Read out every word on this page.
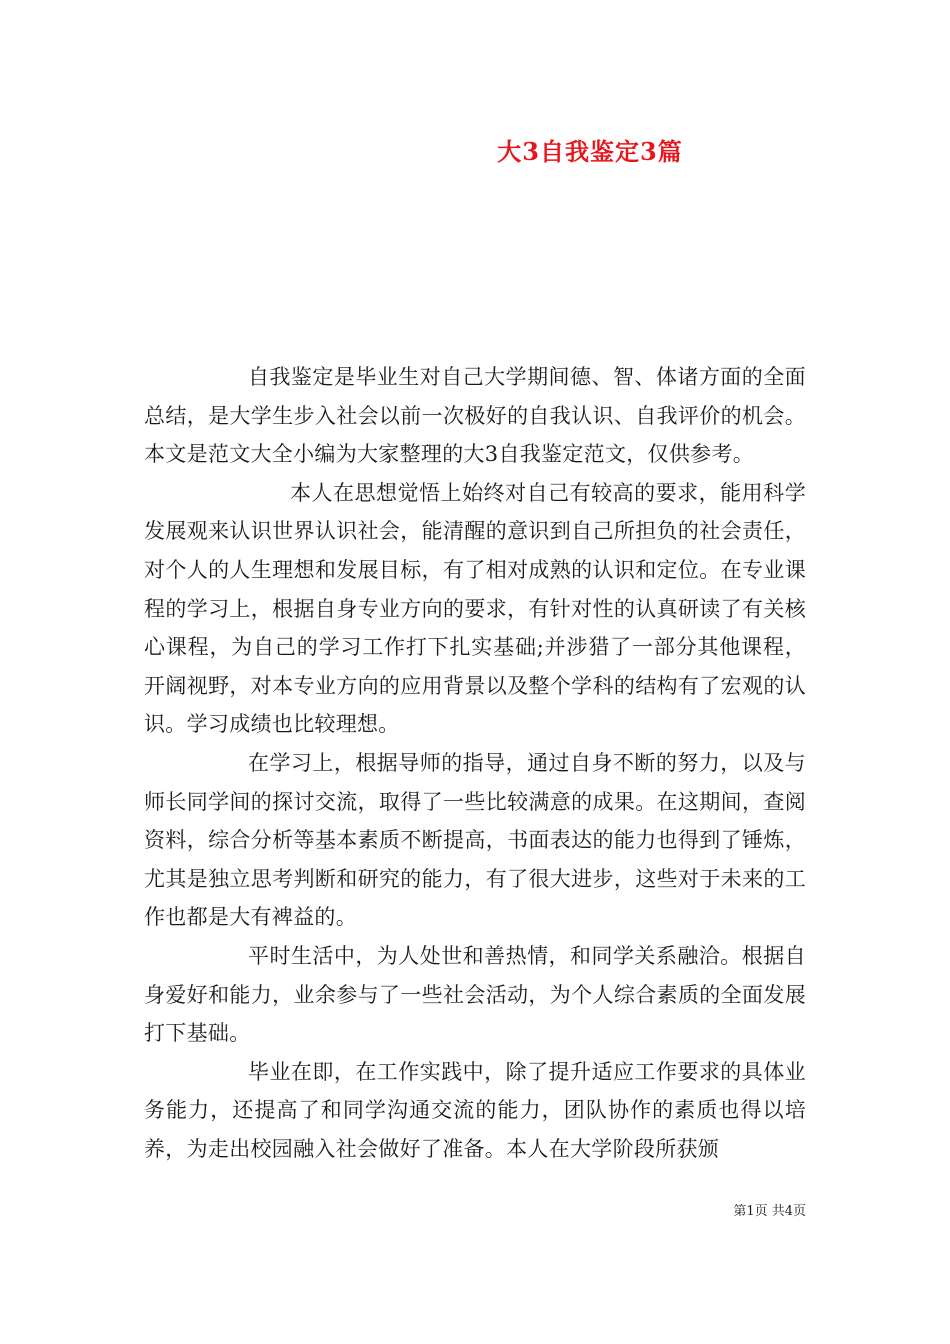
大3自我鉴定3篇

自我鉴定是毕业生对自己大学期间德、智、体诸方面的全面总结，是大学生步入社会以前一次极好的自我认识、自我评价的机会。本文是范文大全小编为大家整理的大3自我鉴定范文，仅供参考。

本人在思想觉悟上始终对自己有较高的要求，能用科学发展观来认识世界认识社会，能清醒的意识到自己所担负的社会责任，对个人的人生理想和发展目标，有了相对成熟的认识和定位。在专业课程的学习上，根据自身专业方向的要求，有针对性的认真研读了有关核心课程，为自己的学习工作打下扎实基础;并涉猎了一部分其他课程，开阔视野，对本专业方向的应用背景以及整个学科的结构有了宏观的认识。学习成绩也比较理想。

在学习上，根据导师的指导，通过自身不断的努力，以及与师长同学间的探讨交流，取得了一些比较满意的成果。在这期间，查阅资料，综合分析等基本素质不断提高，书面表达的能力也得到了锤炼，尤其是独立思考判断和研究的能力，有了很大进步，这些对于未来的工作也都是大有裨益的。

平时生活中，为人处世和善热情，和同学关系融洽。根据自身爱好和能力，业余参与了一些社会活动，为个人综合素质的全面发展打下基础。

毕业在即，在工作实践中，除了提升适应工作要求的具体业务能力，还提高了和同学沟通交流的能力，团队协作的素质也得以培养，为走出校园融入社会做好了准备。本人在大学阶段所获颁

第1页 共4页
